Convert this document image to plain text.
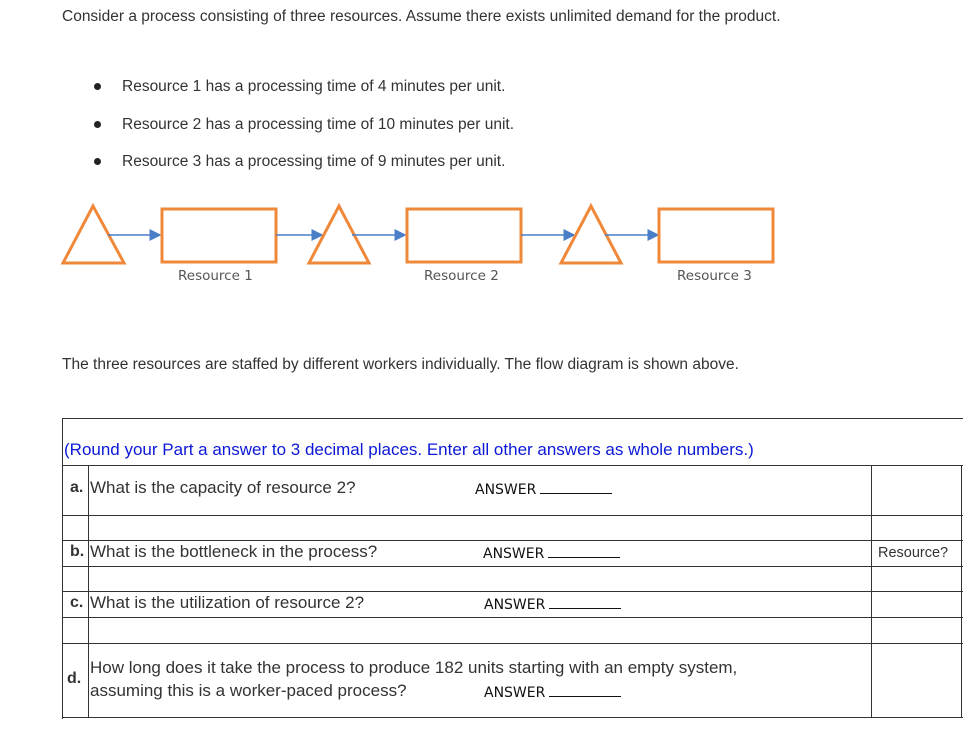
Consider a process consisting of three resources. Assume there exists unlimited demand for the product.
Resource 1 has a processing time of 4 minutes per unit.
Resource 2 has a processing time of 10 minutes per unit.
Resource 3 has a processing time of 9 minutes per unit.
Resource 1	Resource 2	Resource 3
The three resources are staffed by different workers individually. The flow diagram is shown above.
(Round your Part a answer to 3 decimal places. Enter all other answers as whole numbers.)
a. What is the capacity of resource 2?	ANSWER
b. What is the bottleneck in the process?	ANSWER	Resource?
c. What is the utilization of resource 2?	ANSWER
d.
How long does it take the process to produce 182 units starting with an empty system,
assuming this is a worker-paced process?	ANSWER
